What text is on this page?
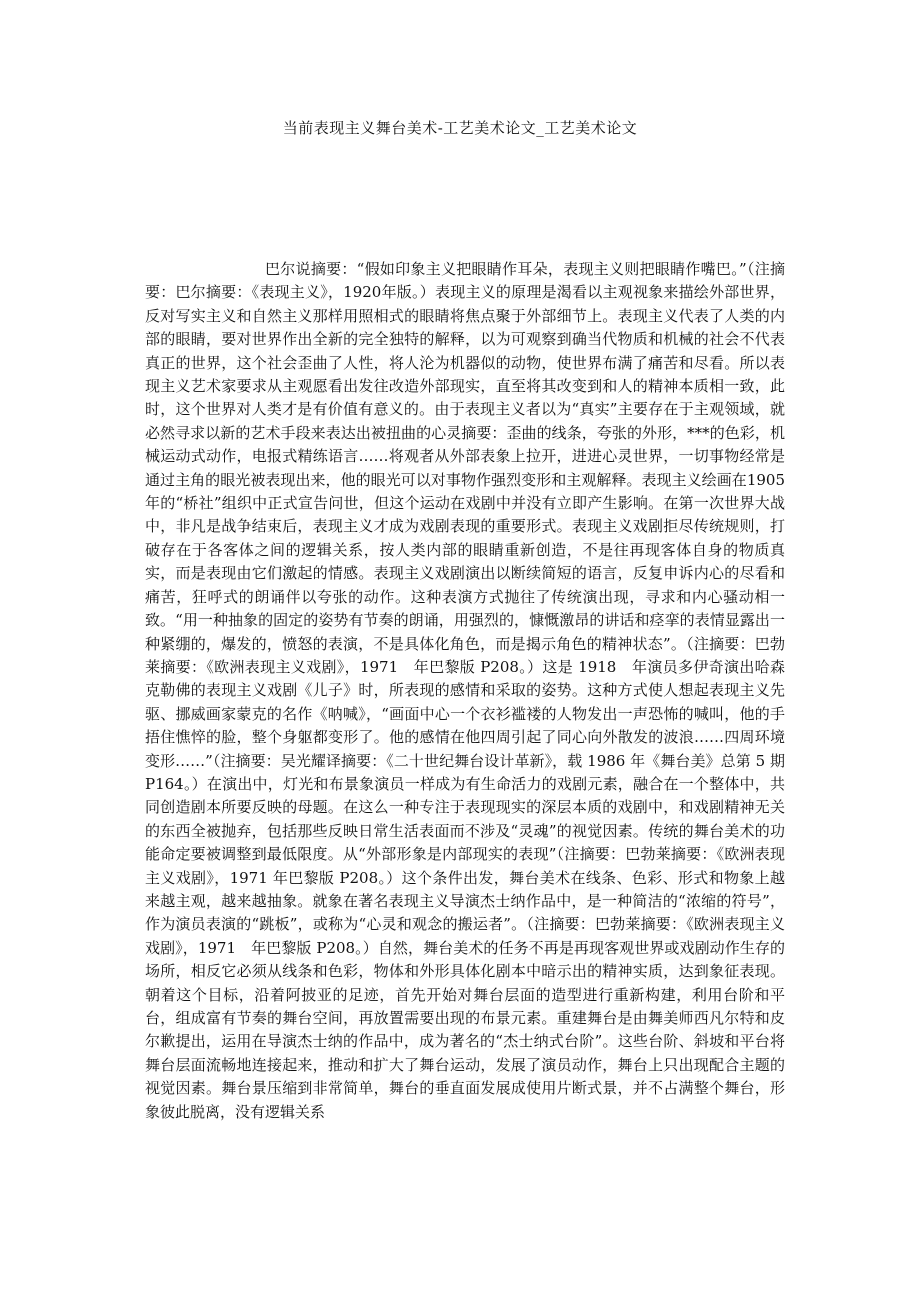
当前表现主义舞台美术-工艺美术论文_工艺美术论文

巴尔说摘要：“假如印象主义把眼睛作耳朵，表现主义则把眼睛作嘴巴。”（注摘要：巴尔摘要：《表现主义》，1920年版。）表现主义的原理是渴看以主观视象来描绘外部世界，反对写实主义和自然主义那样用照相式的眼睛将焦点聚于外部细节上。表现主义代表了人类的内部的眼睛，要对世界作出全新的完全独特的解释，以为可观察到确当代物质和机械的社会不代表真正的世界，这个社会歪曲了人性，将人沦为机器似的动物，使世界布满了痛苦和尽看。所以表现主义艺术家要求从主观愿看出发往改造外部现实，直至将其改变到和人的精神本质相一致，此时，这个世界对人类才是有价值有意义的。由于表现主义者以为“真实”主要存在于主观领域，就必然寻求以新的艺术手段来表达出被扭曲的心灵摘要：歪曲的线条，夸张的外形，***的色彩，机械运动式动作，电报式精练语言……将观者从外部表象上拉开，进进心灵世界，一切事物经常是通过主角的眼光被表现出来，他的眼光可以对事物作强烈变形和主观解释。表现主义绘画在1905年的“桥社”组织中正式宣告问世，但这个运动在戏剧中并没有立即产生影响。在第一次世界大战中，非凡是战争结束后，表现主义才成为戏剧表现的重要形式。表现主义戏剧拒尽传统规则，打破存在于各客体之间的逻辑关系，按人类内部的眼睛重新创造，不是往再现客体自身的物质真实，而是表现由它们激起的情感。表现主义戏剧演出以断续简短的语言，反复申诉内心的尽看和痛苦，狂呼式的朗诵伴以夸张的动作。这种表演方式抛往了传统演出现，寻求和内心骚动相一致。“用一种抽象的固定的姿势有节奏的朗诵，用强烈的，慷慨激昂的讲话和痉挛的表情显露出一种紧绷的，爆发的，愤怒的表演，不是具体化角色，而是揭示角色的精神状态”。（注摘要：巴勃莱摘要：《欧洲表现主义戏剧》，1971　年巴黎版 P208。）这是 1918　年演员多伊奇演出哈森克勒佛的表现主义戏剧《儿子》时，所表现的感情和采取的姿势。这种方式使人想起表现主义先驱、挪威画家蒙克的名作《呐喊》，“画面中心一个衣衫褴褛的人物发出一声恐怖的喊叫，他的手捂住憔悴的脸，整个身躯都变形了。他的感情在他四周引起了同心向外散发的波浪……四周环境变形……”（注摘要：吴光耀译摘要：《二十世纪舞台设计革新》，载 1986 年《舞台美》总第 5 期 P164。）在演出中，灯光和布景象演员一样成为有生命活力的戏剧元素，融合在一个整体中，共同创造剧本所要反映的母题。在这么一种专注于表现现实的深层本质的戏剧中，和戏剧精神无关的东西全被抛弃，包括那些反映日常生活表面而不涉及“灵魂”的视觉因素。传统的舞台美术的功能命定要被调整到最低限度。从“外部形象是内部现实的表现”（注摘要：巴勃莱摘要：《欧洲表现主义戏剧》，1971 年巴黎版 P208。）这个条件出发，舞台美术在线条、色彩、形式和物象上越来越主观，越来越抽象。就象在著名表现主义导演杰士纳作品中，是一种简洁的“浓缩的符号”，作为演员表演的“跳板”，或称为“心灵和观念的搬运者”。（注摘要：巴勃莱摘要：《欧洲表现主义戏剧》，1971　年巴黎版 P208。）自然，舞台美术的任务不再是再现客观世界或戏剧动作生存的场所，相反它必须从线条和色彩，物体和外形具体化剧本中暗示出的精神实质，达到象征表现。朝着这个目标，沿着阿披亚的足迹，首先开始对舞台层面的造型进行重新构建，利用台阶和平台，组成富有节奏的舞台空间，再放置需要出现的布景元素。重建舞台是由舞美师西凡尔特和皮尔歉提出，运用在导演杰士纳的作品中，成为著名的“杰士纳式台阶”。这些台阶、斜坡和平台将舞台层面流畅地连接起来，推动和扩大了舞台运动，发展了演员动作，舞台上只出现配合主题的视觉因素。舞台景压缩到非常简单，舞台的垂直面发展成使用片断式景，并不占满整个舞台，形象彼此脱离，没有逻辑关系
